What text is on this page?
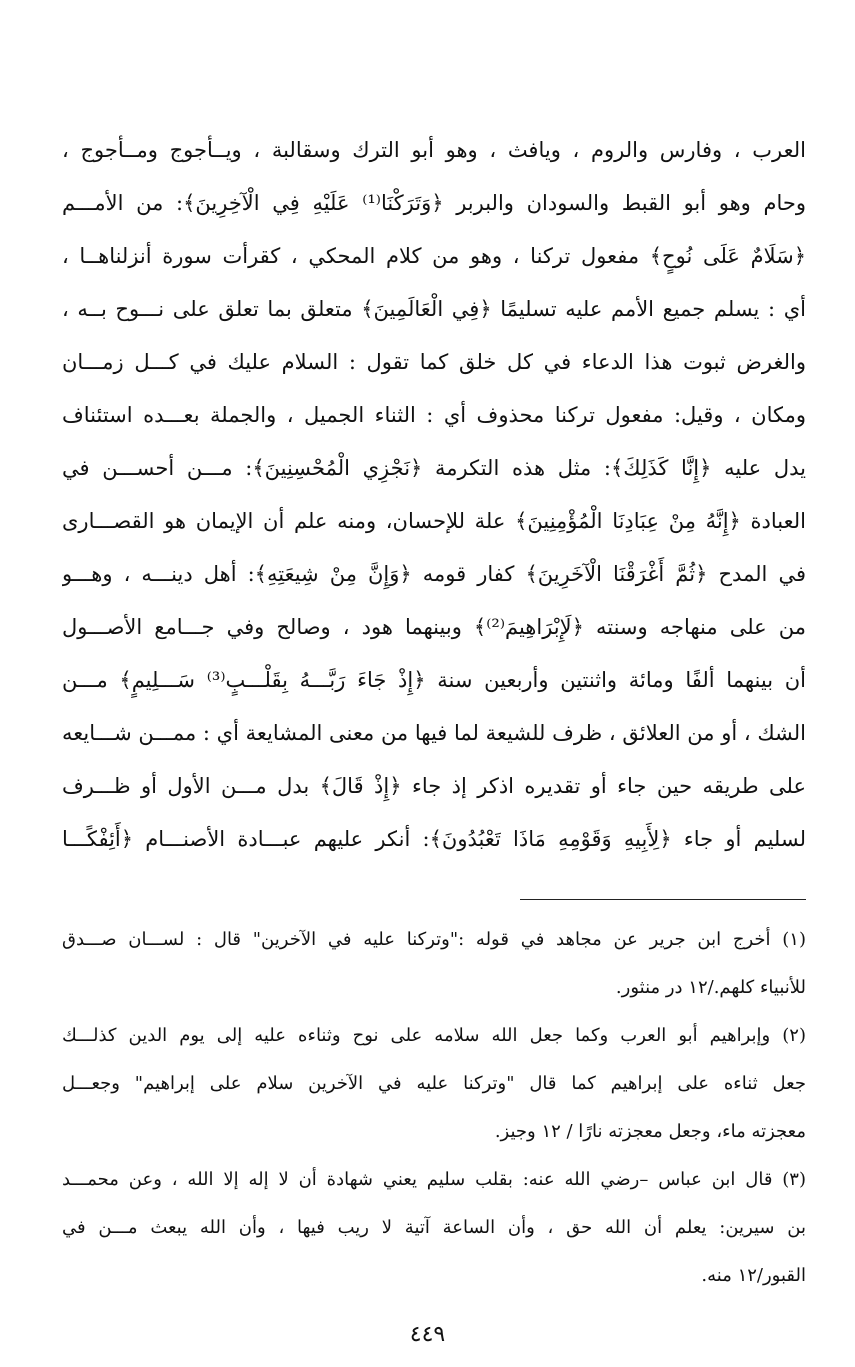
العرب ، وفارس والروم ، ويافث ، وهو أبو الترك وسقالبة ، ويــأجوج ومــأجوج ،
وحام وهو أبو القبط والسودان والبربر ﴿وَتَرَكْنَا⁽¹⁾ عَلَيْهِ فِي الْآخِرِينَ﴾: من الأمـــم
﴿سَلَامٌ عَلَى نُوحٍ﴾ مفعول تركنا ، وهو من كلام المحكي ، كقرأت سورة أنزلناهــا ،
أي : يسلم جميع الأمم عليه تسليمًا ﴿فِي الْعَالَمِينَ﴾ متعلق بما تعلق على نـــوح بــه ،
والغرض ثبوت هذا الدعاء في كل خلق كما تقول : السلام عليك في كـــل زمـــان
ومكان ، وقيل: مفعول تركنا محذوف أي : الثناء الجميل ، والجملة بعـــده استئناف
يدل عليه ﴿إِنَّا كَذَلِكَ﴾: مثل هذه التكرمة ﴿نَجْزِي الْمُحْسِنِينَ﴾: مـــن أحســـن في
العبادة ﴿إِنَّهُ مِنْ عِبَادِنَا الْمُؤْمِنِينَ﴾ علة للإحسان، ومنه علم أن الإيمان هو القصـــارى
في المدح ﴿ثُمَّ أَغْرَقْنَا الْآخَرِينَ﴾ كفار قومه ﴿وَإِنَّ مِنْ شِيعَتِهِ﴾: أهل دينـــه ، وهـــو
من على منهاجه وسنته ﴿لَإِبْرَاهِيمَ⁽²⁾﴾ وبينهما هود ، وصالح وفي جـــامع الأصـــول
أن بينهما ألفًا ومائة واثنتين وأربعين سنة ﴿إِذْ جَاءَ رَبَّـــهُ بِقَلْـــبٍ⁽³⁾ سَـــلِيمٍ﴾ مـــن
الشك ، أو من العلائق ، ظرف للشيعة لما فيها من معنى المشايعة أي : ممـــن شـــايعه
على طريقه حين جاء أو تقديره اذكر إذ جاء ﴿إِذْ قَالَ﴾ بدل مـــن الأول أو ظـــرف
لسليم أو جاء ﴿لِأَبِيهِ وَقَوْمِهِ مَاذَا تَعْبُدُونَ﴾: أنكر عليهم عبـــادة الأصنـــام ﴿أَئِفْكًـــا
(١) أخرج ابن جرير عن مجاهد في قوله :"وتركنا عليه في الآخرين" قال : لســـان صـــدق
للأنبياء كلهم./١٢ در منثور.
(٢) وإبراهيم أبو العرب وكما جعل الله سلامه على نوح وثناءه عليه إلى يوم الدين كذلـــك
جعل ثناءه على إبراهيم كما قال "وتركنا عليه في الآخرين سلام على إبراهيم" وجعـــل
معجزته ماء، وجعل معجزته نارًا / ١٢ وجيز.
(٣) قال ابن عباس –رضي الله عنه: بقلب سليم يعني شهادة أن لا إله إلا الله ، وعن محمـــد
بن سيرين: يعلم أن الله حق ، وأن الساعة آتية لا ريب فيها ، وأن الله يبعث مـــن في
القبور/١٢ منه.
٤٤٩
